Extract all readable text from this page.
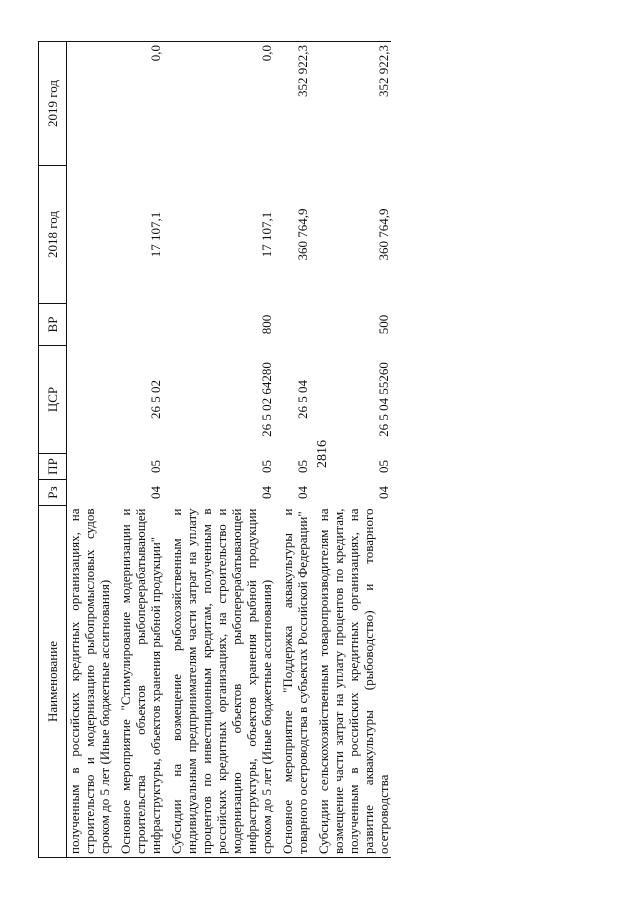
2816
Наименование	Рз	ПР	ЦСР	ВР	2018 год	2019 год
полученным в российских кредитных организациях, на строительство и модернизацию рыбопромысловых судов сроком до 5 лет (Иные бюджетные ассигнования)						
Основное мероприятие "Стимулирование модернизации и строительства объектов рыбоперерабатывающей инфраструктуры, объектов хранения рыбной продукции"	04	05	26 5 02		17 107,1	0,0
Субсидии на возмещение рыбохозяйственным и индивидуальным предпринимателям части затрат на уплату процентов по инвестиционным кредитам, полученным в российских кредитных организациях, на строительство и модернизацию объектов рыбоперерабатывающей инфраструктуры, объектов хранения рыбной продукции сроком до 5 лет (Иные бюджетные ассигнования)	04	05	26 5 02 64280	800	17 107,1	0,0
Основное мероприятие "Поддержка аквакультуры и товарного осетроводства в субъектах Российской Федерации"	04	05	26 5 04		360 764,9	352 922,3
Субсидии сельскохозяйственным товаропроизводителям на возмещение части затрат на уплату процентов по кредитам, полученным в российских кредитных организациях, на развитие аквакультуры (рыбоводство) и товарного осетроводства	04	05	26 5 04 55260	500	360 764,9	352 922,3
